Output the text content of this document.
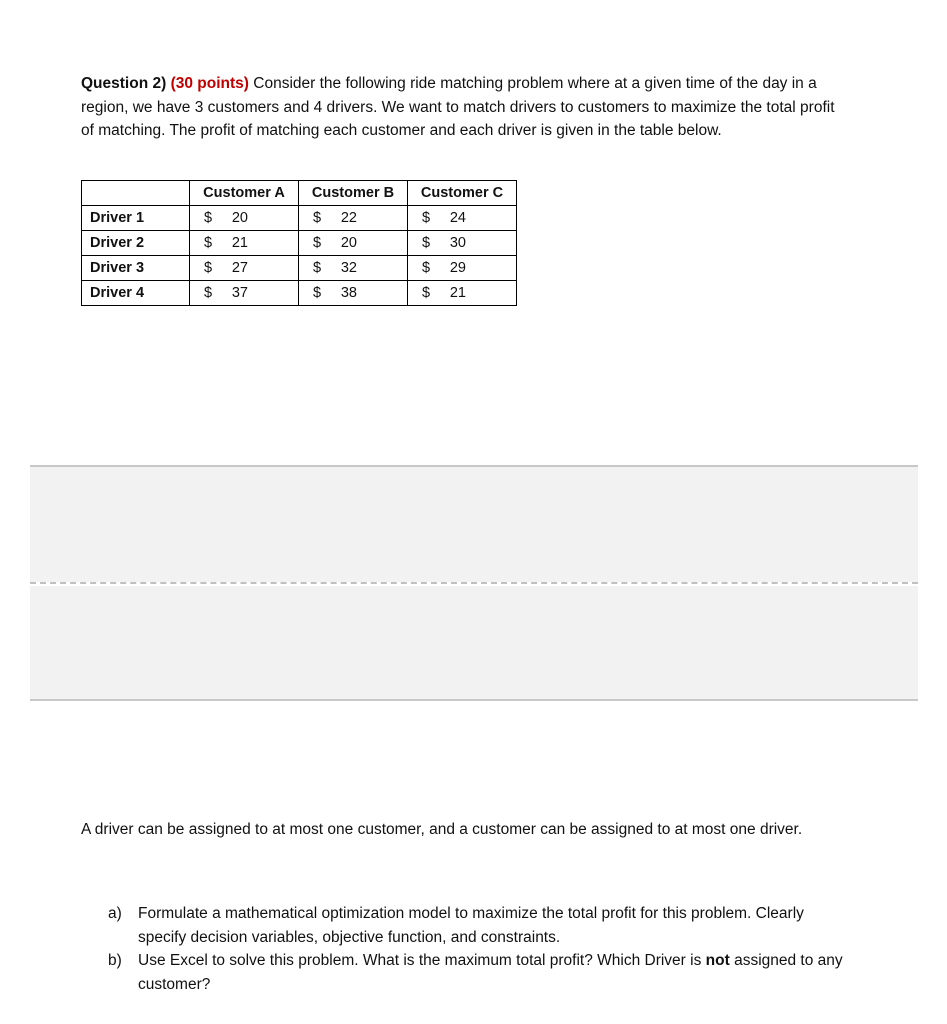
Question 2) (30 points) Consider the following ride matching problem where at a given time of the day in a region, we have 3 customers and 4 drivers. We want to match drivers to customers to maximize the total profit of matching. The profit of matching each customer and each driver is given in the table below.

	Customer A	Customer B	Customer C
Driver 1	$ 20	$ 22	$ 24

Driver 2	$ 21	$ 20	$ 30

Driver 3	$ 27	$ 32	$ 29

Driver 4	$ 37	$ 38	$ 21

A driver can be assigned to at most one customer, and a customer can be assigned to at most one driver.

a)	Formulate a mathematical optimization model to maximize the total profit for this problem. Clearly specify decision variables, objective function, and constraints.
b)	Use Excel to solve this problem. What is the maximum total profit? Which Driver is not assigned to any customer?
